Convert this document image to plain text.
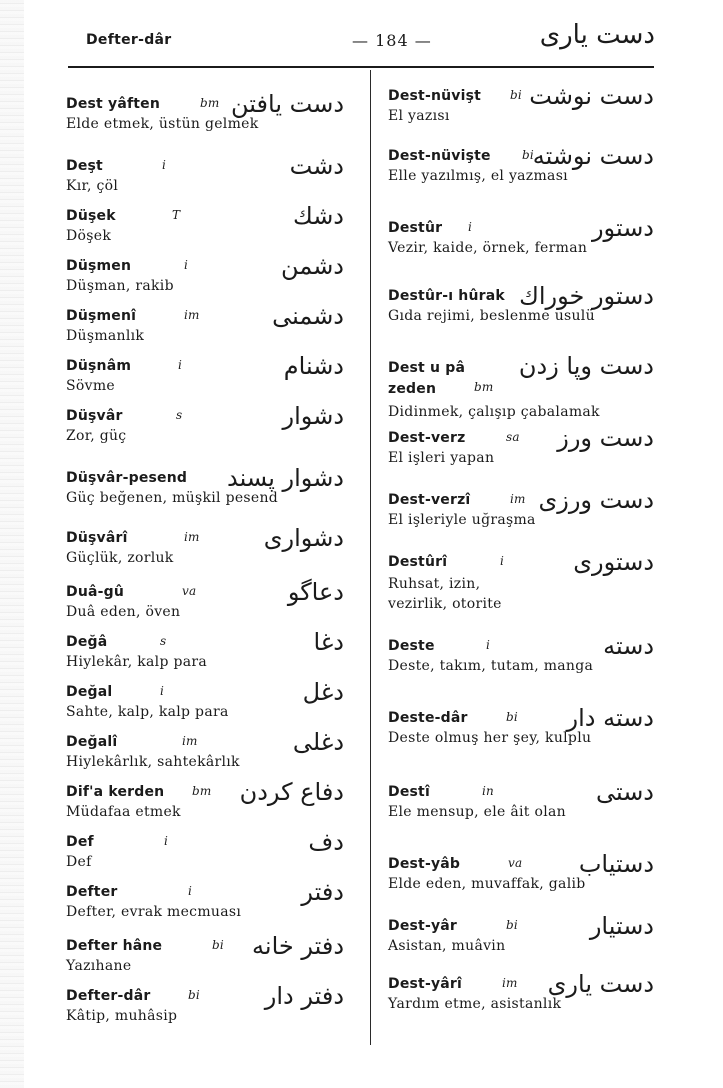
Defter-dâr	— 184 —	دست یاری
Dest yâften	bm دست یافتن
Elde etmek, üstün gelmek
Deşt	i	دشت
Kır, çöl
Düşek	T	دشك
Döşek
Düşmen	i	دشمن
Düşman, rakib
Düşmenî	im	دشمنى
Düşmanlık
Düşnâm	i	دشنام
Sövme
Düşvâr	s	دشوار
Zor, güç
Düşvâr-pesend	دشوار پسند
Güç beğenen, müşkil pesend
Düşvârî	im	دشوارى
Güçlük, zorluk
Duâ-gû	va	دعاگو
Duâ eden, öven
Değâ	s	دغا
Hiylekâr, kalp para
Değal	i	دغل
Sahte, kalp, kalp para
Değalî	im	دغلى
Hiylekârlık, sahtekârlık
Dif'a kerden	bm دفاع كردن
Müdafaa etmek
Def	i	دف
Def
Defter	i	دفتر
Defter, evrak mecmuası
Defter hâne	bi دفتر خانه
Yazıhane
Defter-dâr	bi	دفتر دار
Kâtip, muhâsip
Dest-nüvişt	bi دست نوشت
El yazısı
Dest-nüvişte	bi
دست نوشته
Elle yazılmış, el yazması
Destûr	i	دستور
Vezir, kaide, örnek, ferman
Destûr-ı hûrak دستور خوراك
Gıda rejimi, beslenme usulü
Dest u pâ zeden	bm
دست وپا زدن
Didinmek, çalışıp çabalamak
Dest-verz	sa دست ورز
El işleri yapan
Dest-verzî	im دست ورزى
El işleriyle uğraşma
Destûrî	i	دستورى
Ruhsat, izin, vezirlik, otorite
Deste	i	دسته
Deste, takım, tutam, manga
Deste-dâr	bi دسته دار
Deste olmuş her şey, kulplu
Destî	in	دستى
Ele mensup, ele âit olan
Dest-yâb	va دستياب
Elde eden, muvaffak, galib
Dest-yâr	bi	دستيار
Asistan, muâvin
Dest-yârî	im دست يارى
Yardım etme, asistanlık
